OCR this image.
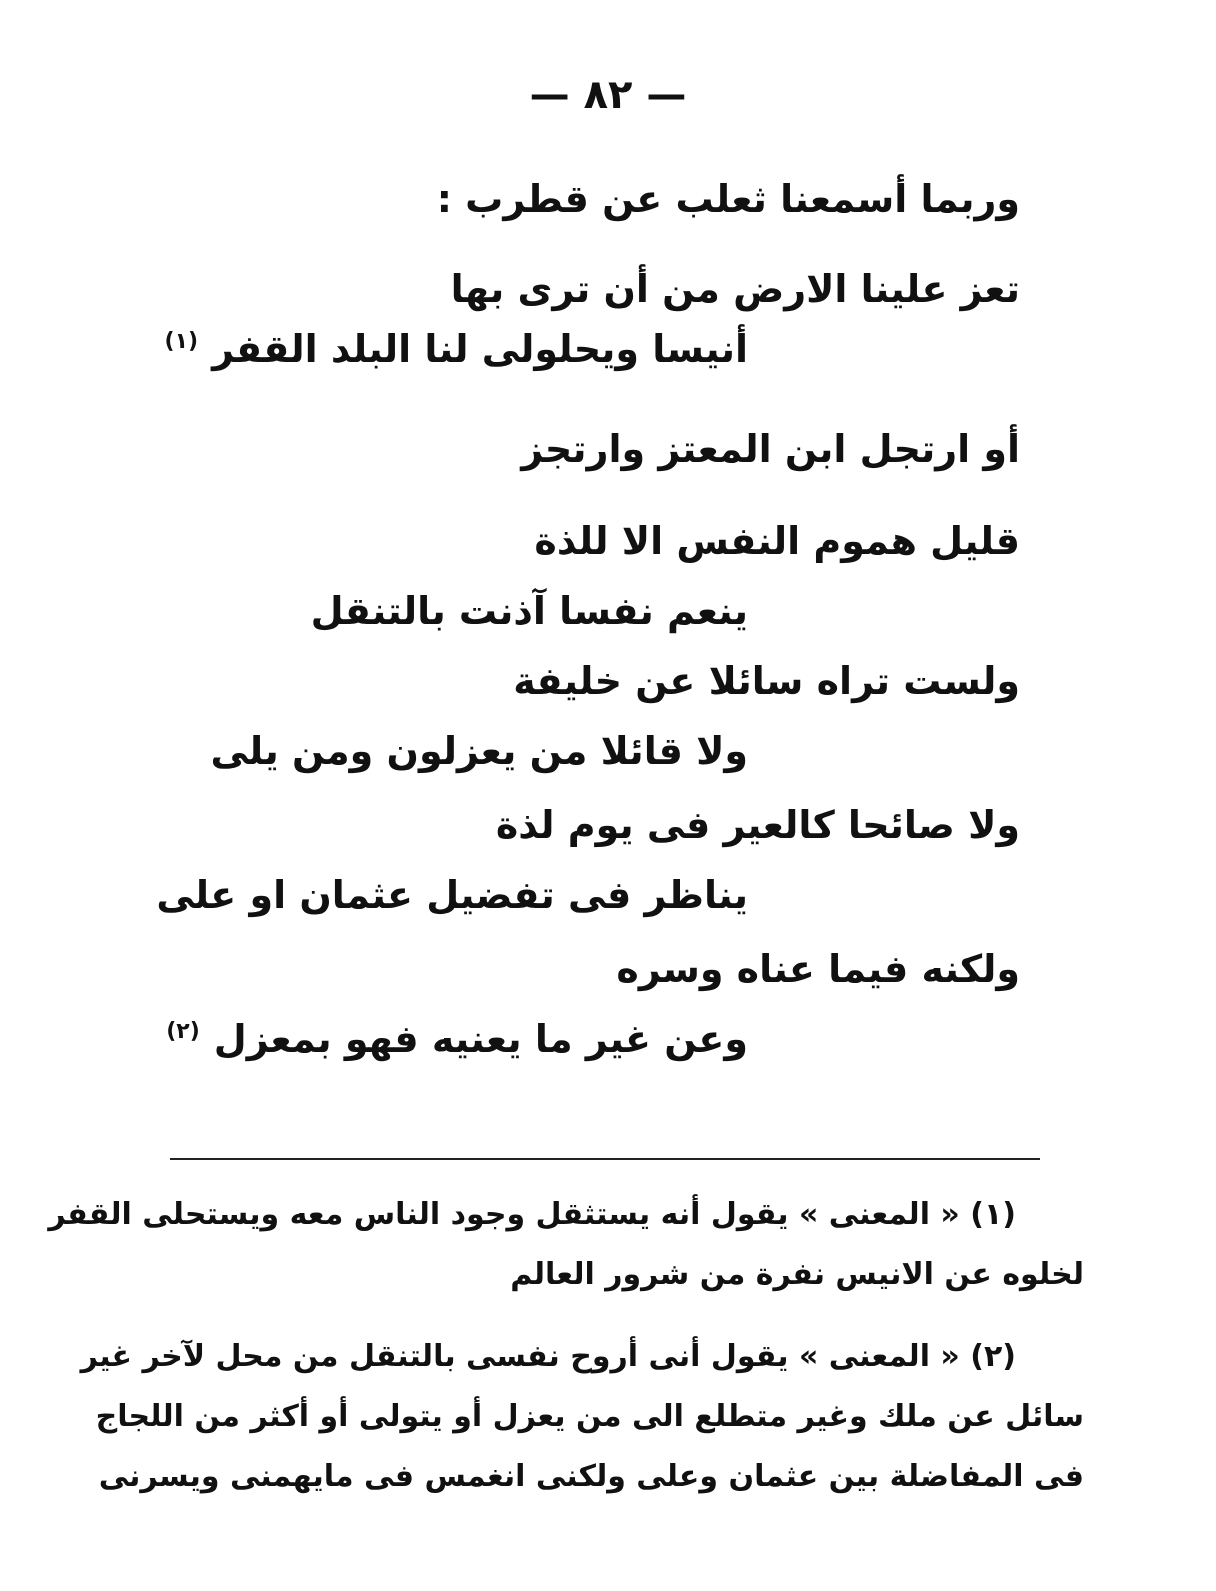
— ٨٢ —
وربما أسمعنا ثعلب عن قطرب :
تعز علينا الارض من أن ترى بها
أنيسا ويحلولى لنا البلد القفر$^{(١)}$
أو ارتجل ابن المعتز وارتجز
قليل هموم النفس الا للذة
ينعم نفسا آذنت بالتنقل
ولست تراه سائلا عن خليفة
ولا قائلا من يعزلون ومن يلى
ولا صائحا كالعير فى يوم لذة
يناظر فى تفضيل عثمان او على
ولكنه فيما عناه وسره
وعن غير ما يعنيه فهو بمعزل$^{(٢)}$
(١) « المعنى » يقول أنه يستثقل وجود الناس معه ويستحلى القفر
لخلوه عن الانيس نفرة من شرور العالم
(٢) « المعنى » يقول أنى أروح نفسى بالتنقل من محل لآخر غير
سائل عن ملك وغير متطلع الى من يعزل أو يتولى أو أكثر من اللجاج
فى المفاضلة بين عثمان وعلى ولكنى انغمس فى مايهمنى ويسرنى
